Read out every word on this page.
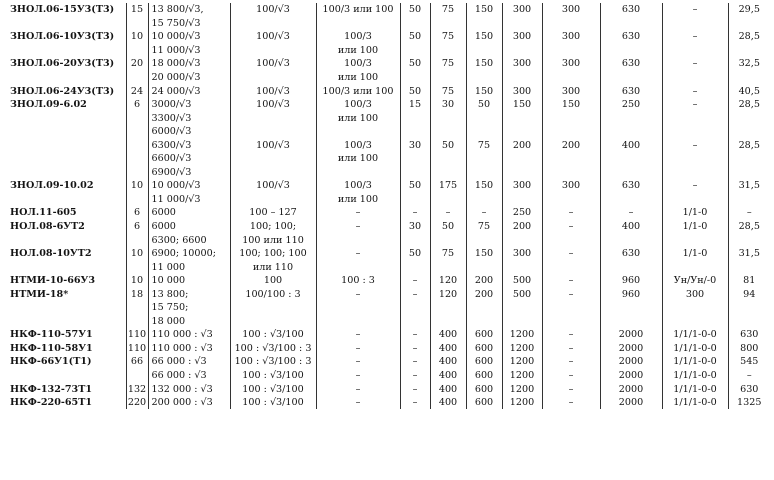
ЗНОЛ.06-15У3(Т3)	15	13 800/√3,	100/√3	100/3 или 100	50	75	150	300	300	630	–	29,5
		15 750/√3										
ЗНОЛ.06-10У3(Т3)	10	10 000/√3	100/√3	100/3	50	75	150	300	300	630	–	28,5
		11 000/√3		или 100								
ЗНОЛ.06-20У3(Т3)	20	18 000/√3	100/√3	100/3	50	75	150	300	300	630	–	32,5
		20 000/√3		или 100								
ЗНОЛ.06-24У3(Т3)	24	24 000/√3	100/√3	100/3 или 100	50	75	150	300	300	630	–	40,5
ЗНОЛ.09-6.02	6	3000/√3	100/√3	100/3	15	30	50	150	150	250	–	28,5
		3300/√3		или 100								
		6000/√3										
		6300/√3	100/√3	100/3	30	50	75	200	200	400	–	28,5
		6600/√3		или 100								
		6900/√3										
ЗНОЛ.09-10.02	10	10 000/√3	100/√3	100/3	50	175	150	300	300	630	–	31,5
		11 000/√3		или 100								
НОЛ.11-605	6	6000	100 – 127	–	–	–	–	250	–	–	1/1-0	–
НОЛ.08-6УТ2	6	6000	100; 100;	–	30	50	75	200	–	400	1/1-0	28,5
		6300; 6600	100 или 110									
НОЛ.08-10УТ2	10	6900; 10000;	100; 100; 100	–	50	75	150	300	–	630	1/1-0	31,5
		11 000	или 110									
НТМИ-10-66У3	10	10 000	100	100 : 3	–	120	200	500	–	960	Ун/Ун/-0	81
НТМИ-18*	18	13 800;	100/100 : 3	–	–	120	200	500	–	960	300	94
		15 750;										
		18 000										
НКФ-110-57У1	110	110 000 : √3	100 : √3/100	–	–	400	600	1200	–	2000	1/1/1-0-0	630
НКФ-110-58У1	110	110 000 : √3	100 : √3/100 : 3	–	–	400	600	1200	–	2000	1/1/1-0-0	800
НКФ-66У1(Т1)	66	66 000 : √3	100 : √3/100 : 3	–	–	400	600	1200	–	2000	1/1/1-0-0	545
		66 000 : √3	100 : √3/100	–	–	400	600	1200	–	2000	1/1/1-0-0	–
НКФ-132-73Т1	132	132 000 : √3	100 : √3/100	–	–	400	600	1200	–	2000	1/1/1-0-0	630
НКФ-220-65Т1	220	200 000 : √3	100 : √3/100	–	–	400	600	1200	–	2000	1/1/1-0-0	1325
